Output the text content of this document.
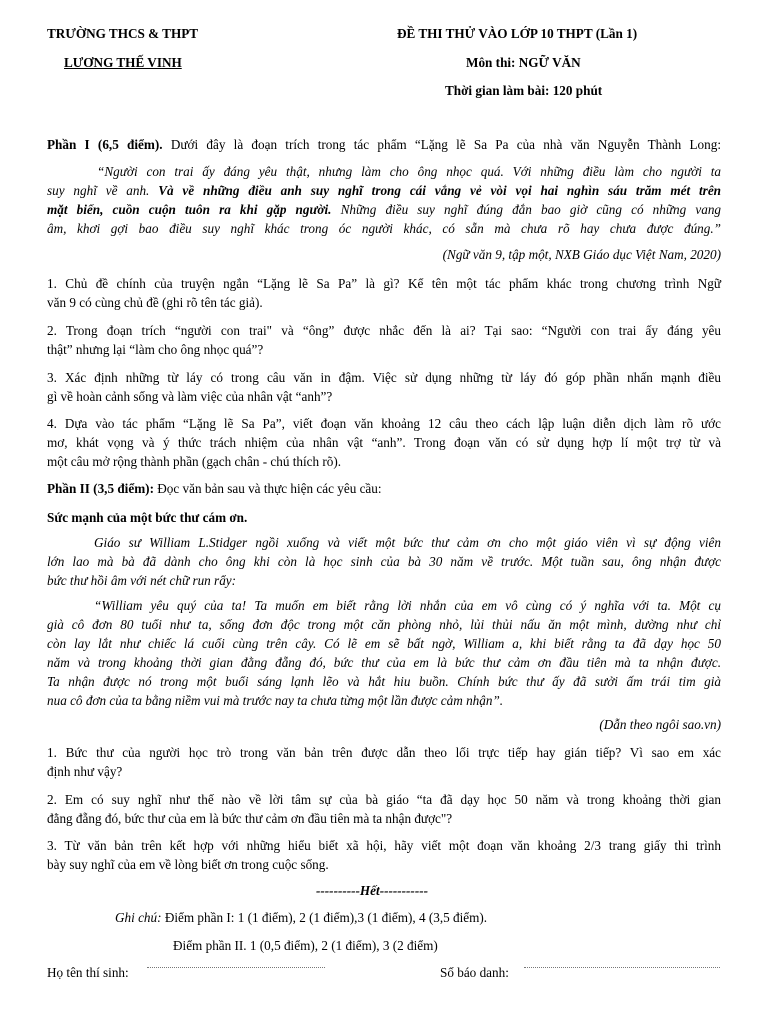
TRƯỜNG THCS & THPT
LƯƠNG THẾ VINH
ĐỀ THI THỬ VÀO LỚP 10 THPT (Lần 1)
Môn thi: NGỮ VĂN
Thời gian làm bài: 120 phút
Phần I (6,5 điểm). Dưới đây là đoạn trích trong tác phẩm “Lặng lẽ Sa Pa của nhà văn Nguyễn Thành Long:
“Người con trai ấy đáng yêu thật, nhưng làm cho ông nhọc quá. Với những điều làm cho người ta
suy nghĩ về anh. Và về những điều anh suy nghĩ trong cái vắng vẻ vòi vọi hai nghìn sáu trăm mét trên
mặt biển, cuồn cuộn tuôn ra khi gặp người. Những điều suy nghĩ đúng đắn bao giờ cũng có những vang
âm, khơi gợi bao điều suy nghĩ khác trong óc người khác, có sẵn mà chưa rõ hay chưa được đúng.”
(Ngữ văn 9, tập một, NXB Giáo dục Việt Nam, 2020)
1. Chủ đề chính của truyện ngắn “Lặng lẽ Sa Pa” là gì? Kể tên một tác phẩm khác trong chương trình Ngữ
văn 9 có cùng chủ đề (ghi rõ tên tác giả).
2. Trong đoạn trích “người con trai" và “ông” được nhắc đến là ai? Tại sao: “Người con trai ấy đáng yêu
thật” nhưng lại “làm cho ông nhọc quá”?
3. Xác định những từ láy có trong câu văn in đậm. Việc sử dụng những từ láy đó góp phần nhấn mạnh điều
gì về hoàn cảnh sống và làm việc của nhân vật “anh”?
4. Dựa vào tác phẩm “Lặng lẽ Sa Pa”, viết đoạn văn khoảng 12 câu theo cách lập luận diễn dịch làm rõ ước
mơ, khát vọng và ý thức trách nhiệm của nhân vật “anh”. Trong đoạn văn có sử dụng hợp lí một trợ từ và
một câu mở rộng thành phần (gạch chân - chú thích rõ).
Phần II (3,5 điểm): Đọc văn bản sau và thực hiện các yêu cầu:
Sức mạnh của một bức thư cám ơn.
Giáo sư William L.Stidger ngồi xuống và viết một bức thư cảm ơn cho một giáo viên vì sự động viên
lớn lao mà bà đã dành cho ông khi còn là học sinh của bà 30 năm về trước. Một tuần sau, ông nhận được
bức thư hồi âm với nét chữ run rẩy:
“William yêu quý của ta! Ta muốn em biết rằng lời nhắn của em vô cùng có ý nghĩa với ta. Một cụ
già cô đơn 80 tuổi như ta, sống đơn độc trong một căn phòng nhỏ, lủi thủi nấu ăn một mình, dường như chỉ
còn lay lắt như chiếc lá cuối cùng trên cây. Có lẽ em sẽ bất ngờ, William a, khi biết rằng ta đã dạy học 50
năm và trong khoảng thời gian đằng đẵng đó, bức thư của em là bức thư cảm ơn đầu tiên mà ta nhận được.
Ta nhận được nó trong một buổi sáng lạnh lẽo và hắt hiu buồn. Chính bức thư ấy đã sưởi ấm trái tim già
nua cô đơn của ta bằng niềm vui mà trước nay ta chưa từng một lần được cảm nhận”.
(Dẫn theo ngôi sao.vn)
1. Bức thư của người học trò trong văn bản trên được dẫn theo lối trực tiếp hay gián tiếp? Vì sao em xác
định như vậy?
2. Em có suy nghĩ như thế nào về lời tâm sự của bà giáo “ta đã dạy học 50 năm và trong khoảng thời gian
đằng đẵng đó, bức thư của em là bức thư cảm ơn đầu tiên mà ta nhận được"?
3. Từ văn bản trên kết hợp với những hiểu biết xã hội, hãy viết một đoạn văn khoảng 2/3 trang giấy thi trình
bày suy nghĩ của em về lòng biết ơn trong cuộc sống.
----------Hết-----------
Ghi chú: Điểm phần I: 1 (1 điểm), 2 (1 điểm),3 (1 điểm), 4 (3,5 điểm).
Điểm phần II. 1 (0,5 điểm), 2 (1 điểm), 3 (2 điểm)
Họ tên thí sinh:	Số báo danh:
